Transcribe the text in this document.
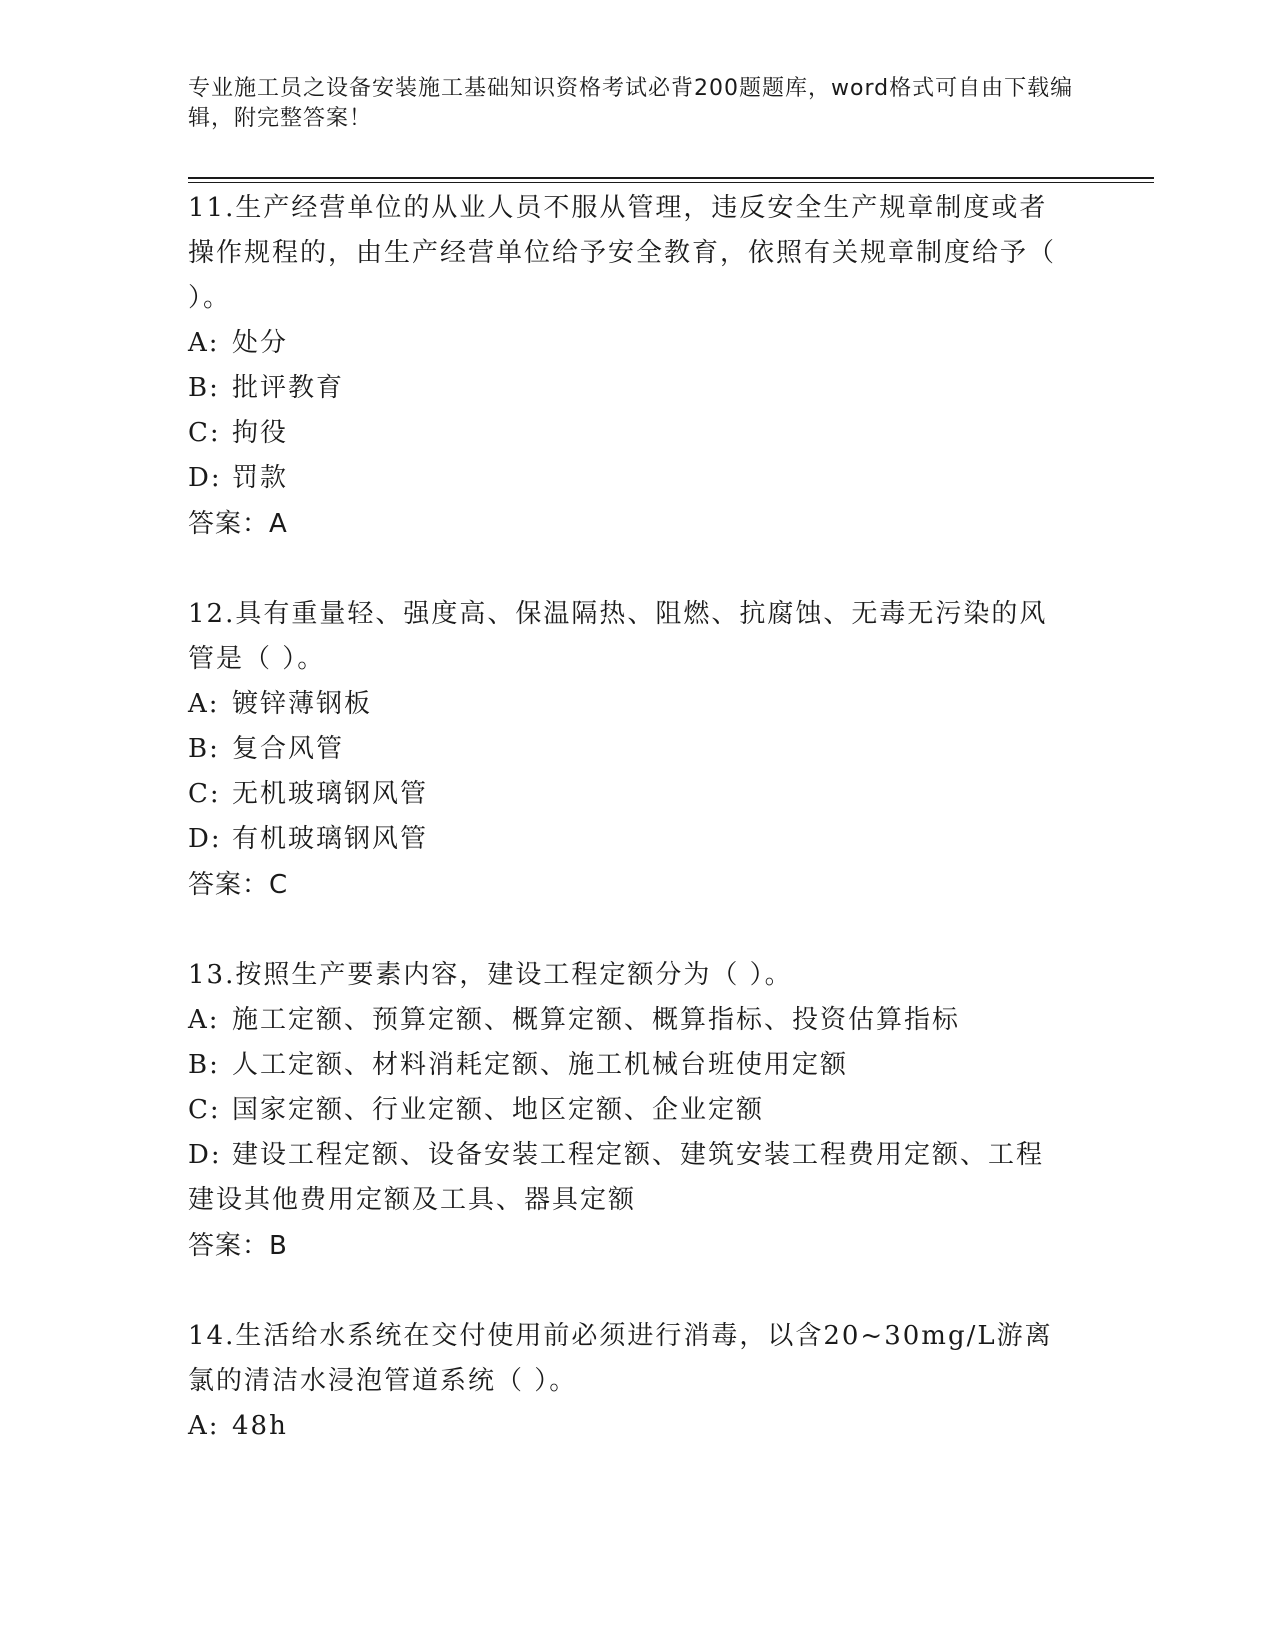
专业施工员之设备安装施工基础知识资格考试必背200题题库，word格式可自由下载编辑，附完整答案！
11.生产经营单位的从业人员不服从管理，违反安全生产规章制度或者操作规程的，由生产经营单位给予安全教育，依照有关规章制度给予（ ）。
A: 处分
B: 批评教育
C: 拘役
D: 罚款
答案：A
12.具有重量轻、强度高、保温隔热、阻燃、抗腐蚀、无毒无污染的风管是（ ）。
A: 镀锌薄钢板
B: 复合风管
C: 无机玻璃钢风管
D: 有机玻璃钢风管
答案：C
13.按照生产要素内容，建设工程定额分为（ ）。
A: 施工定额、预算定额、概算定额、概算指标、投资估算指标
B: 人工定额、材料消耗定额、施工机械台班使用定额
C: 国家定额、行业定额、地区定额、企业定额
D: 建设工程定额、设备安装工程定额、建筑安装工程费用定额、工程建设其他费用定额及工具、器具定额
答案：B
14.生活给水系统在交付使用前必须进行消毒，以含20~30mg/L游离氯的清洁水浸泡管道系统（ ）。
A: 48h
